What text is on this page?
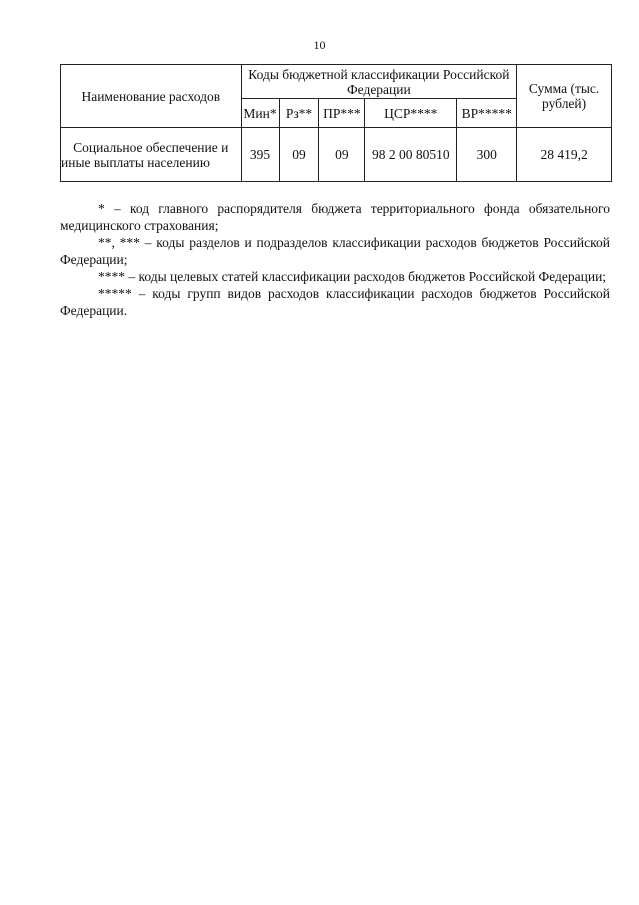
10
Наименование расходов	Коды бюджетной классификации Российской Федерации					Сумма (тыс. рублей)
	Мин*	Рз**	ПР***	ЦСР****	ВР*****	
Социальное обеспечение и иные выплаты населению	395	09	09	98 2 00 80510	300	28 419,2

* – код главного распорядителя бюджета территориального фонда обязательного медицинского страхования;

**, *** – коды разделов и подразделов классификации расходов бюджетов Российской Федерации;

**** – коды целевых статей классификации расходов бюджетов Российской Федерации;

***** – коды групп видов расходов классификации расходов бюджетов Российской Федерации.
